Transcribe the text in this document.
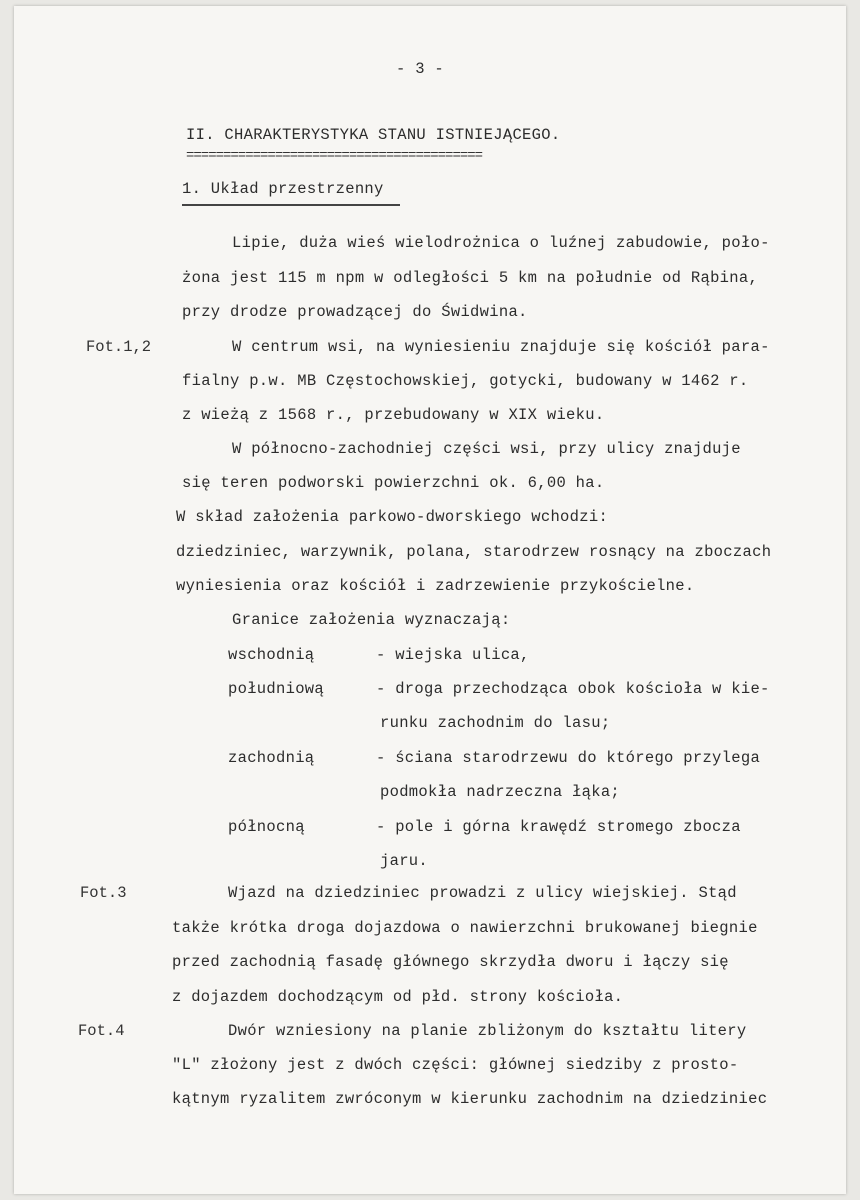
- 3 -
II. CHARAKTERYSTYKA STANU ISTNIEJĄCEGO.
========================================
1. Układ przestrzenny
Lipie, duża wieś wielodrożnica o luźnej zabudowie, poło-
żona jest 115 m npm w odległości 5 km na południe od Rąbina,
przy drodze prowadzącej do Świdwina.
Fot.1,2	W centrum wsi, na wyniesieniu znajduje się kościół para-
fialny p.w. MB Częstochowskiej, gotycki, budowany w 1462 r.
z wieżą z 1568 r., przebudowany w XIX wieku.
W północno-zachodniej części wsi, przy ulicy znajduje
się teren podworski powierzchni ok. 6,00 ha.
W skład założenia parkowo-dworskiego wchodzi:
dziedziniec, warzywnik, polana, starodrzew rosnący na zboczach
wyniesienia oraz kościół i zadrzewienie przykościelne.
Granice założenia wyznaczają:
wschodnią	- wiejska ulica,
południową	- droga przechodząca obok kościoła w kie-
runku zachodnim do lasu;
zachodnią	- ściana starodrzewu do którego przylega
podmokła nadrzeczna łąka;
północną	- pole i górna krawędź stromego zbocza
jaru.
Fot.3	Wjazd na dziedziniec prowadzi z ulicy wiejskiej. Stąd
także krótka droga dojazdowa o nawierzchni brukowanej biegnie
przed zachodnią fasadę głównego skrzydła dworu i łączy się
z dojazdem dochodzącym od płd. strony kościoła.
Fot.4	Dwór wzniesiony na planie zbliżonym do kształtu litery
"L" złożony jest z dwóch części: głównej siedziby z prosto-
kątnym ryzalitem zwróconym w kierunku zachodnim na dziedziniec
